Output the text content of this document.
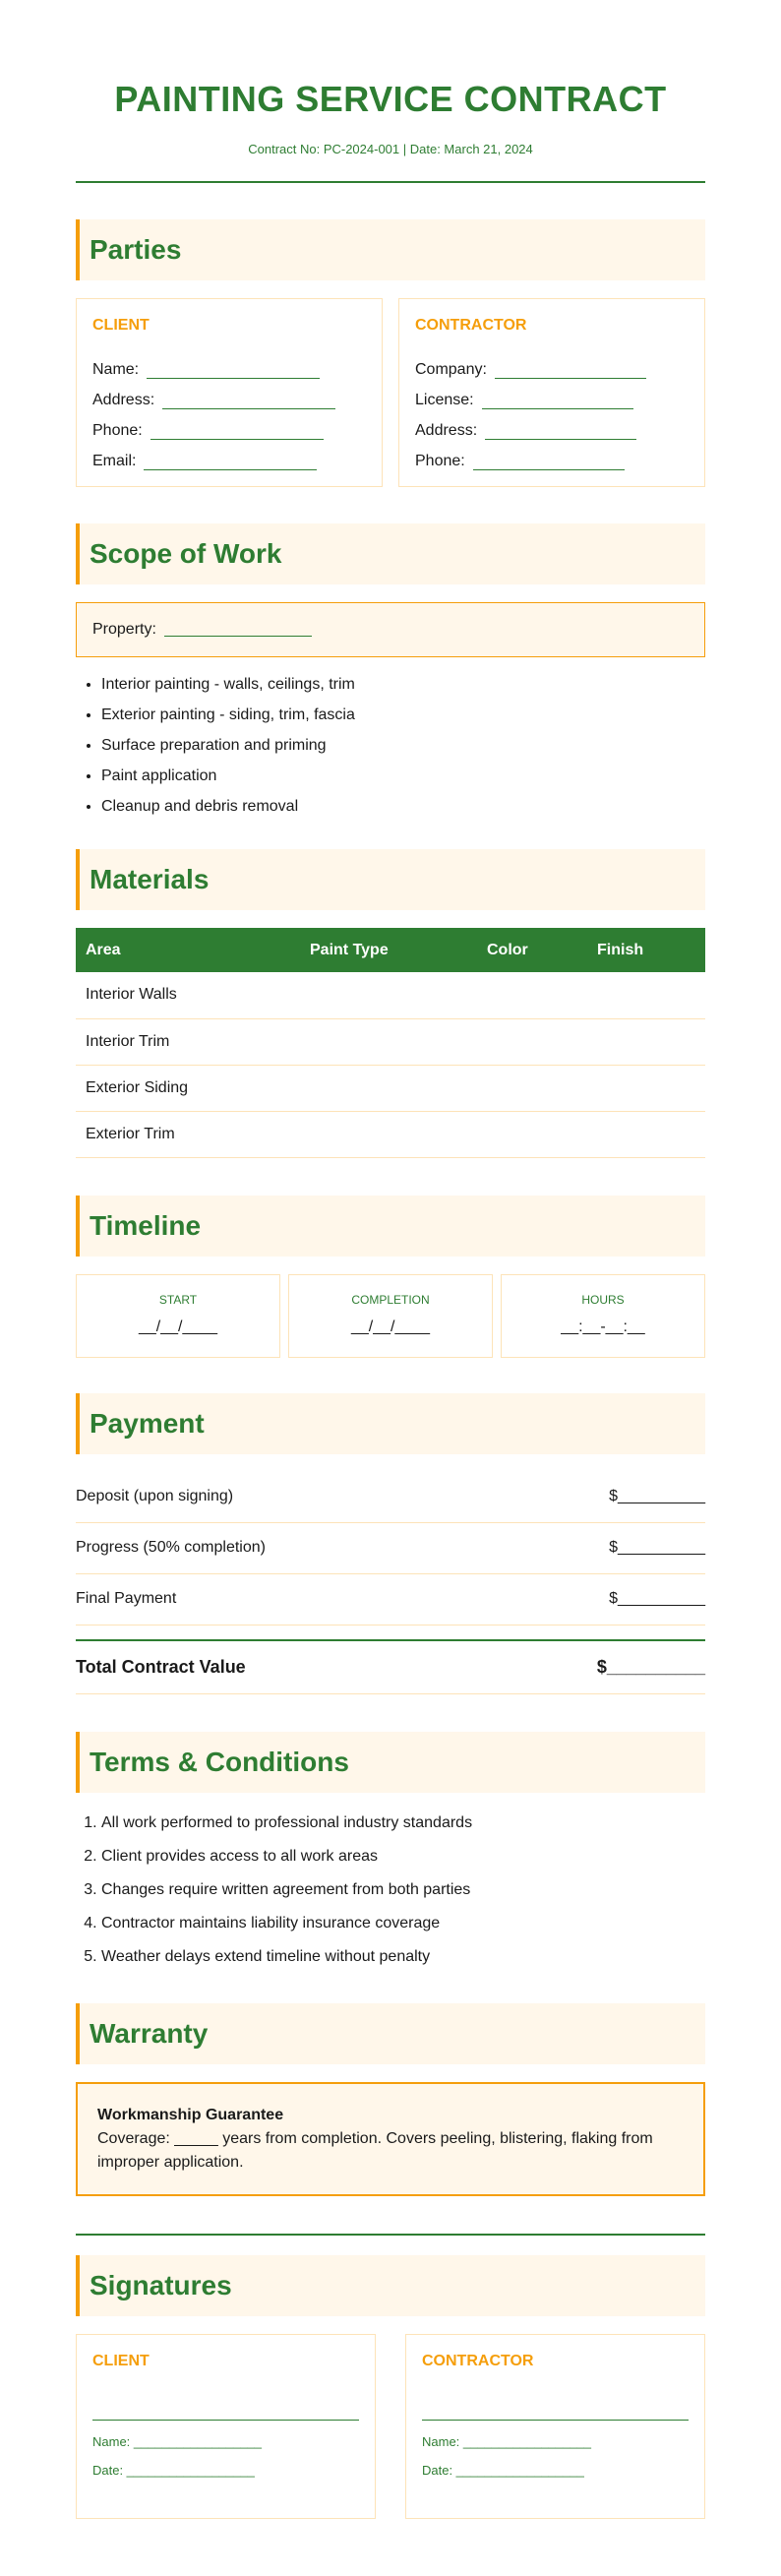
PAINTING SERVICE CONTRACT
Contract No: PC-2024-001 | Date: March 21, 2024
Parties
CLIENT
Name:
Address:
Phone:
Email:
CONTRACTOR
Company:
License:
Address:
Phone:
Scope of Work
Property:
• Interior painting - walls, ceilings, trim
• Exterior painting - siding, trim, fascia
• Surface preparation and priming
• Paint application
• Cleanup and debris removal
Materials
Area	Paint Type	Color	Finish
Interior Walls			
Interior Trim			
Exterior Siding			
Exterior Trim			
Timeline
START
__/__/____
COMPLETION
__/__/____
HOURS
__:__-__:__
Payment
Deposit (upon signing)	$__________
Progress (50% completion)	$__________
Final Payment	$__________
Total Contract Value	$__________
Terms & Conditions
1. All work performed to professional industry standards
2. Client provides access to all work areas
3. Changes require written agreement from both parties
4. Contractor maintains liability insurance coverage
5. Weather delays extend timeline without penalty
Warranty
Workmanship Guarantee
Coverage: _____ years from completion. Covers peeling, blistering, flaking from improper application.
Signatures
CLIENT
Name: __________________
Date: __________________
CONTRACTOR
Name: __________________
Date: __________________
